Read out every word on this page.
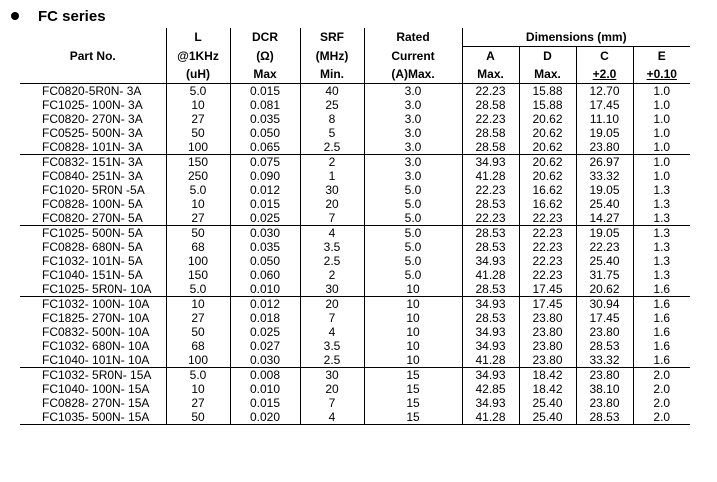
FC series
	L	DCR	SRF	Rated	Dimensions (mm)			
Part No.	@1KHz	(Ω)	(MHz)	Current	A	D	C	E
	(uH)	Max	Min.	(A)Max.	Max.	Max.	+2.0	+0.10
FC0820-5R0N- 3A	5.0	0.015	40	3.0	22.23	15.88	12.70	1.0
FC1025- 100N- 3A	10	0.081	25	3.0	28.58	15.88	17.45	1.0
FC0820- 270N- 3A	27	0.035	8	3.0	22.23	20.62	11.10	1.0
FC0525- 500N- 3A	50	0.050	5	3.0	28.58	20.62	19.05	1.0
FC0828- 101N- 3A	100	0.065	2.5	3.0	28.58	20.62	23.80	1.0
FC0832- 151N- 3A	150	0.075	2	3.0	34.93	20.62	26.97	1.0
FC0840- 251N- 3A	250	0.090	1	3.0	41.28	20.62	33.32	1.0
FC1020- 5R0N -5A	5.0	0.012	30	5.0	22.23	16.62	19.05	1.3
FC0828- 100N- 5A	10	0.015	20	5.0	28.53	16.62	25.40	1.3
FC0820- 270N- 5A	27	0.025	7	5.0	22.23	22.23	14.27	1.3
FC1025- 500N- 5A	50	0.030	4	5.0	28.53	22.23	19.05	1.3
FC0828- 680N- 5A	68	0.035	3.5	5.0	28.53	22.23	22.23	1.3
FC1032- 101N- 5A	100	0.050	2.5	5.0	34.93	22.23	25.40	1.3
FC1040- 151N- 5A	150	0.060	2	5.0	41.28	22.23	31.75	1.3
FC1025- 5R0N- 10A	5.0	0.010	30	10	28.53	17.45	20.62	1.6
FC1032- 100N- 10A	10	0.012	20	10	34.93	17.45	30.94	1.6
FC1825- 270N- 10A	27	0.018	7	10	28.53	23.80	17.45	1.6
FC0832- 500N- 10A	50	0.025	4	10	34.93	23.80	23.80	1.6
FC1032- 680N- 10A	68	0.027	3.5	10	34.93	23.80	28.53	1.6
FC1040- 101N- 10A	100	0.030	2.5	10	41.28	23.80	33.32	1.6
FC1032- 5R0N- 15A	5.0	0.008	30	15	34.93	18.42	23.80	2.0
FC1040- 100N- 15A	10	0.010	20	15	42.85	18.42	38.10	2.0
FC0828- 270N- 15A	27	0.015	7	15	34.93	25.40	23.80	2.0
FC1035- 500N- 15A	50	0.020	4	15	41.28	25.40	28.53	2.0
